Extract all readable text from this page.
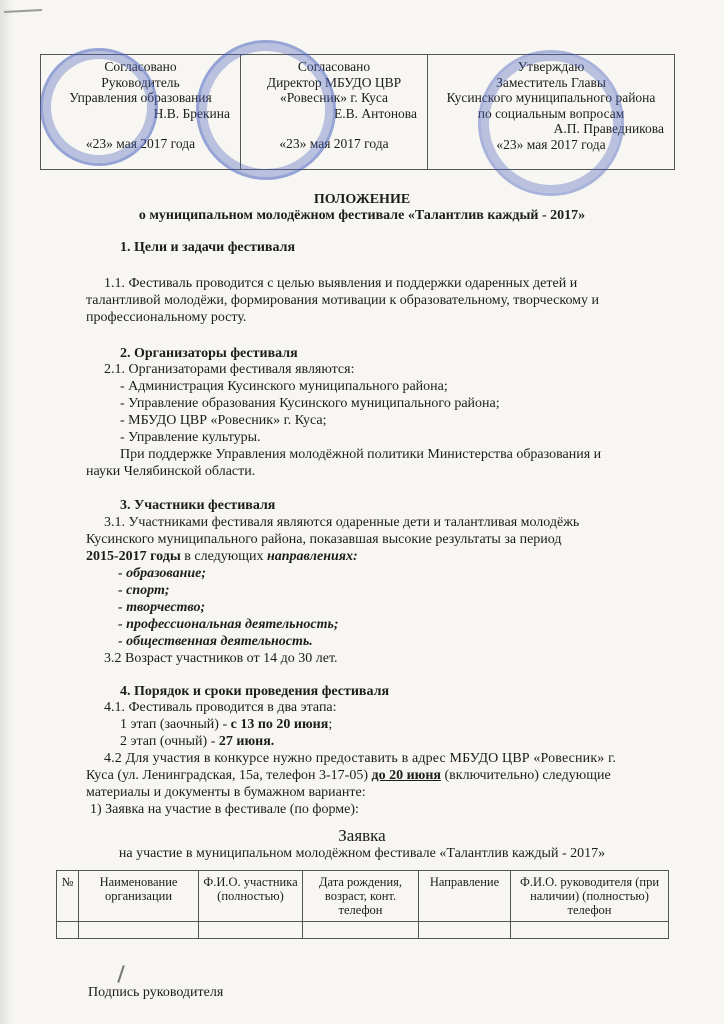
Согласовано
Руководитель
Управления образования
Н.В. Брекина
«23» мая 2017 года

Согласовано
Директор МБУДО ЦВР
«Ровесник» г. Куса
Е.В. Антонова
«23» мая 2017 года

Утверждаю
Заместитель Главы
Кусинского муниципального района
по социальным вопросам
А.П. Праведникова
«23» мая 2017 года
ПОЛОЖЕНИЕ
о муниципальном молодёжном фестивале «Талантлив каждый - 2017»
1. Цели и задачи фестиваля
1.1. Фестиваль проводится с целью выявления и поддержки одаренных детей и
талантливой молодёжи, формирования мотивации к образовательному, творческому и
профессиональному росту.
2. Организаторы фестиваля
2.1. Организаторами фестиваля являются:
- Администрация Кусинского муниципального района;
- Управление образования Кусинского муниципального района;
- МБУДО ЦВР «Ровесник» г. Куса;
- Управление культуры.
При поддержке Управления молодёжной политики Министерства образования и
науки Челябинской области.
3. Участники фестиваля
3.1. Участниками фестиваля являются одаренные дети и талантливая молодёжь
Кусинского муниципального района, показавшая высокие результаты за период
2015-2017 годы в следующих направлениях:
- образование;
- спорт;
- творчество;
- профессиональная деятельность;
- общественная деятельность.
3.2 Возраст участников от 14 до 30 лет.
4. Порядок и сроки проведения фестиваля
4.1. Фестиваль проводится в два этапа:
1 этап (заочный) - с 13 по 20 июня;
2 этап (очный) - 27 июня.
4.2 Для участия в конкурсе нужно предоставить в адрес МБУДО ЦВР «Ровесник» г.
Куса (ул. Ленинградская, 15а, телефон 3-17-05) до 20 июня (включительно) следующие
материалы и документы в бумажном варианте:
1) Заявка на участие в фестивале (по форме):
Заявка
на участие в муниципальном молодёжном фестивале «Талантлив каждый - 2017»
№	Наименование организации	Ф.И.О. участника (полностью)	Дата рождения, возраст, конт. телефон	Направление	Ф.И.О. руководителя (при наличии) (полностью) телефон

Подпись руководителя
